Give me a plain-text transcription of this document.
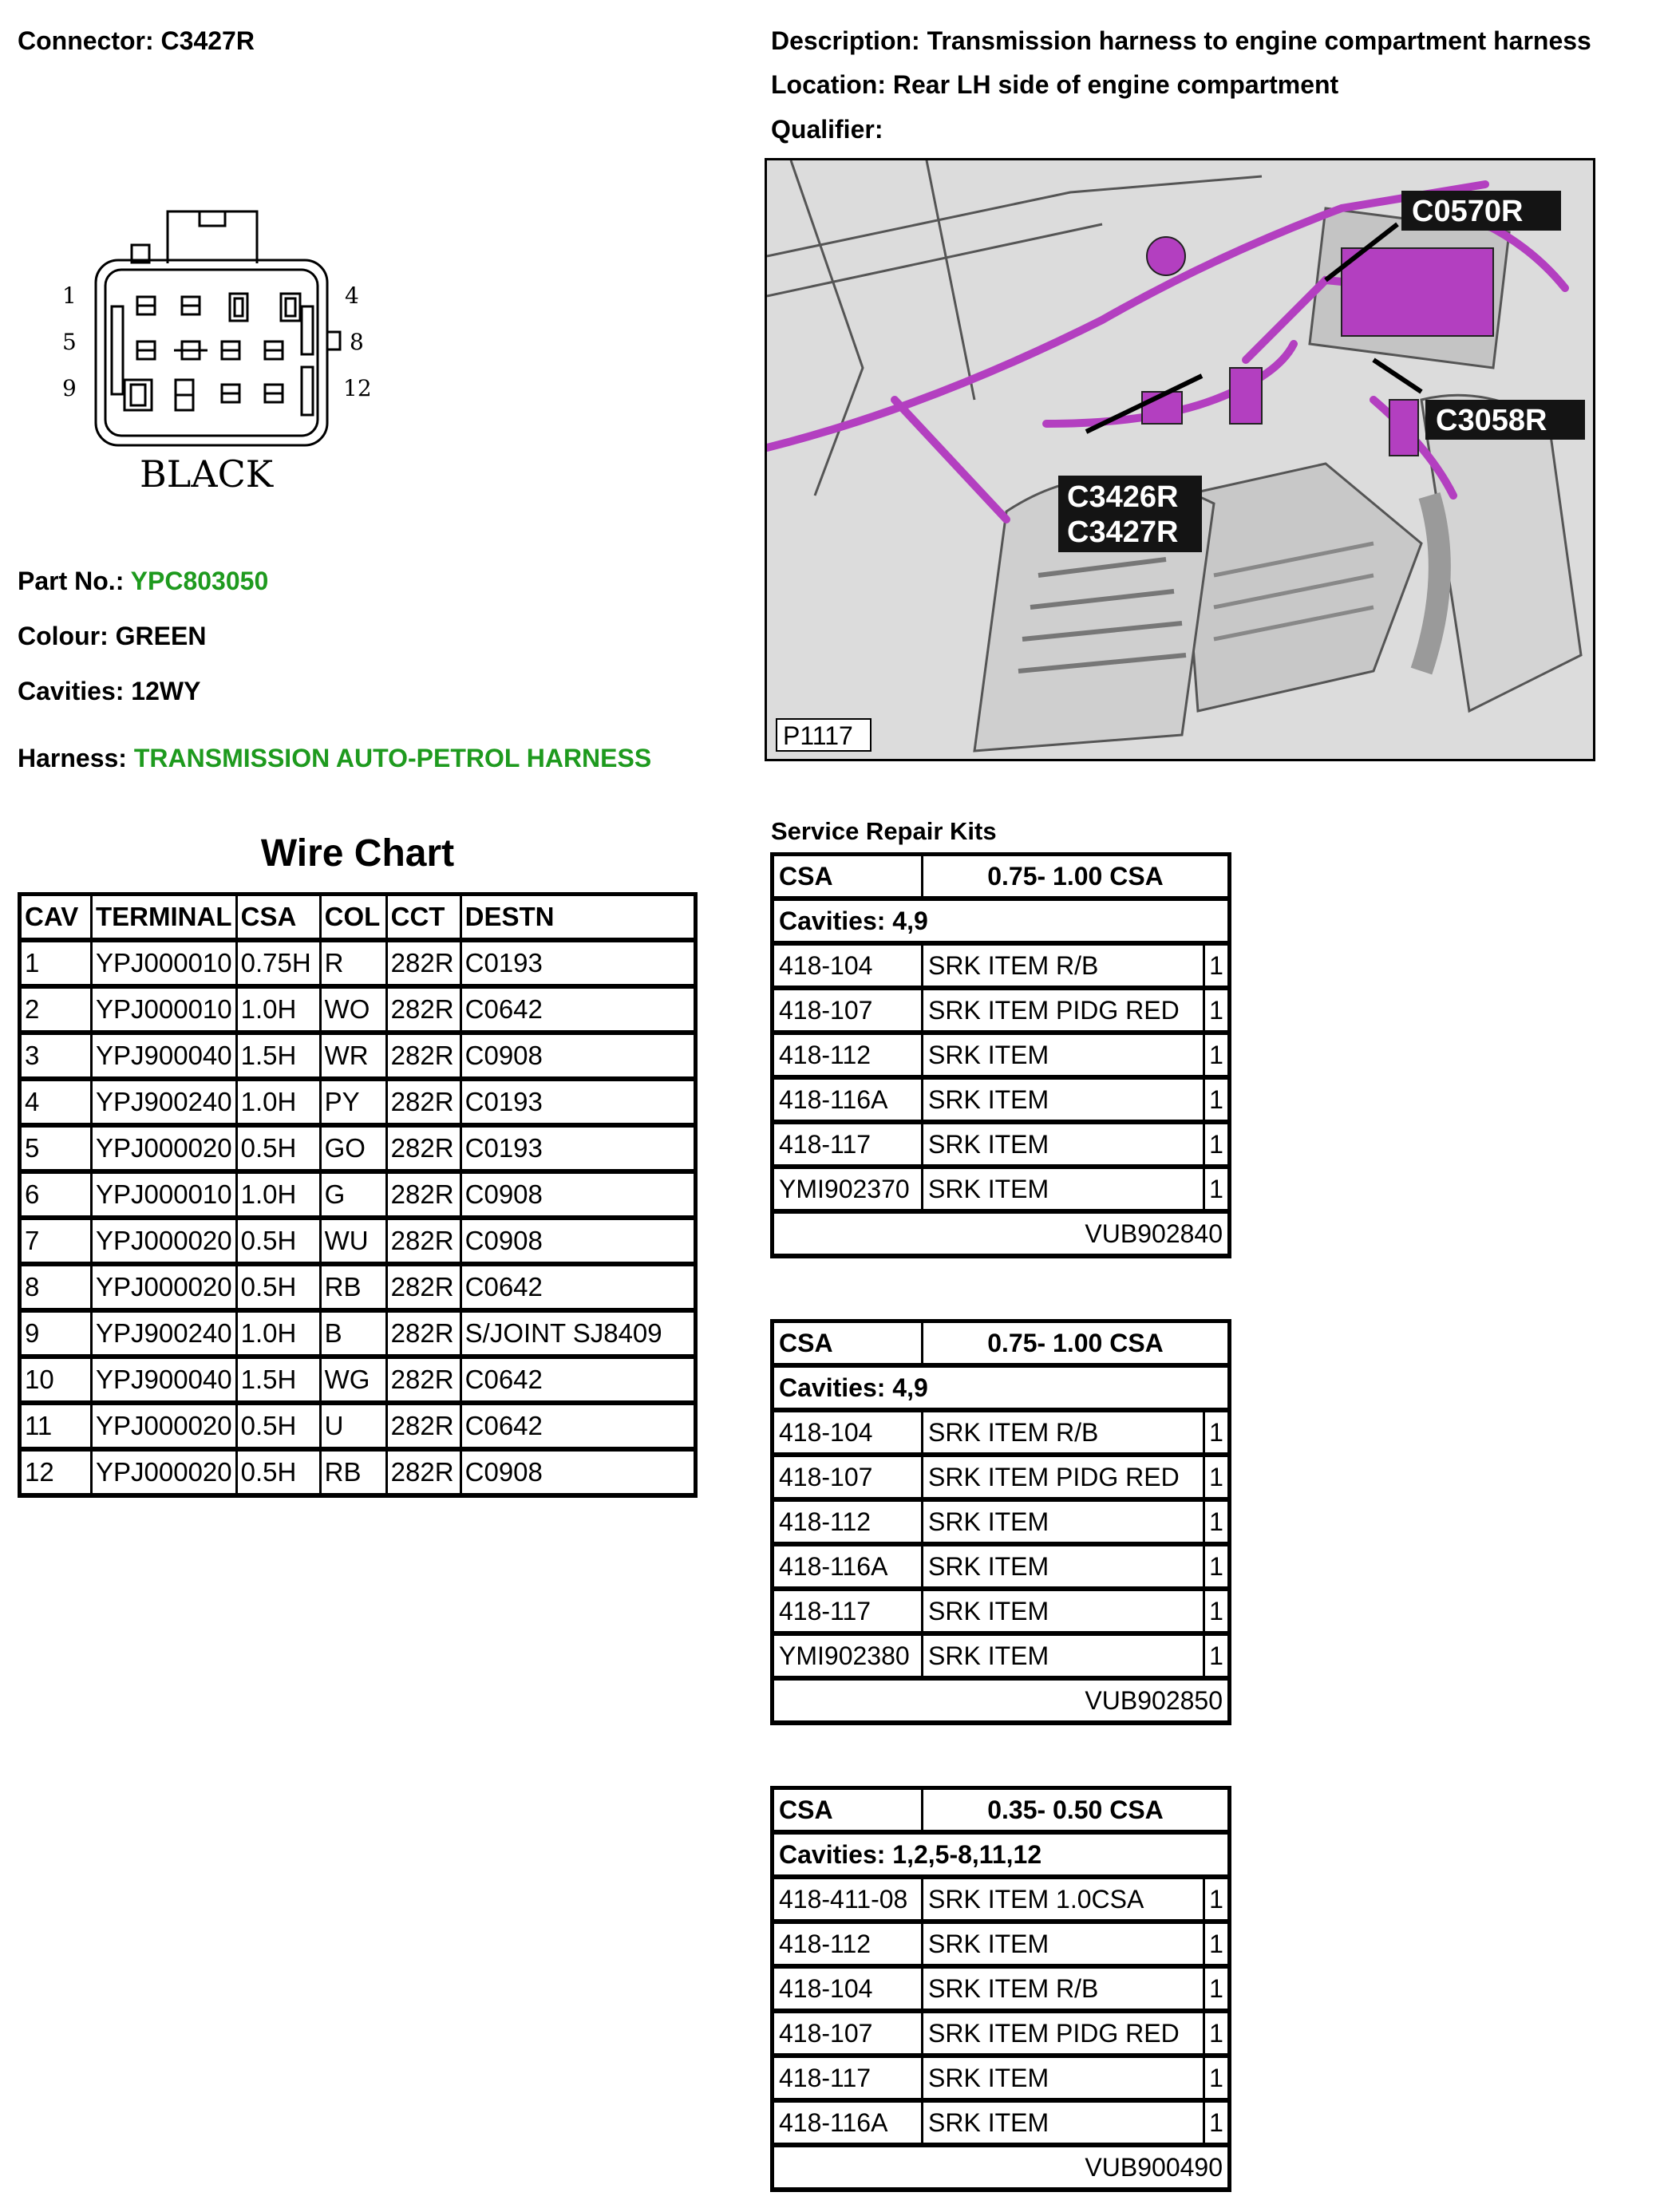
Connector: C3427R	Description: Transmission harness to engine compartment harness
Location: Rear LH side of engine compartment
Qualifier:
1	4
5	8
9	12
BLACK
Part No.: YPC803050
Colour: GREEN
Cavities: 12WY
Harness: TRANSMISSION AUTO-PETROL HARNESS
C0570R
C3058R
C3426R
C3427R
P1117
Wire Chart
CAV	TERMINAL	CSA	COL	CCT	DESTN
1	YPJ000010	0.75H	R	282R	C0193
2	YPJ000010	1.0H	WO	282R	C0642
3	YPJ900040	1.5H	WR	282R	C0908
4	YPJ900240	1.0H	PY	282R	C0193
5	YPJ000020	0.5H	GO	282R	C0193
6	YPJ000010	1.0H	G	282R	C0908
7	YPJ000020	0.5H	WU	282R	C0908
8	YPJ000020	0.5H	RB	282R	C0642
9	YPJ900240	1.0H	B	282R	S/JOINT SJ8409
10	YPJ900040	1.5H	WG	282R	C0642
11	YPJ000020	0.5H	U	282R	C0642
12	YPJ000020	0.5H	RB	282R	C0908
Service Repair Kits
CSA	0.75- 1.00 CSA	
Cavities: 4,9		
418-104	SRK ITEM R/B	1
418-107	SRK ITEM PIDG RED	1
418-112	SRK ITEM	1
418-116A	SRK ITEM	1
418-117	SRK ITEM	1
YMI902370	SRK ITEM	1
VUB902840		
CSA	0.75- 1.00 CSA	
Cavities: 4,9		
418-104	SRK ITEM R/B	1
418-107	SRK ITEM PIDG RED	1
418-112	SRK ITEM	1
418-116A	SRK ITEM	1
418-117	SRK ITEM	1
YMI902380	SRK ITEM	1
VUB902850		
CSA	0.35- 0.50 CSA	
Cavities: 1,2,5-8,11,12		
418-411-08	SRK ITEM 1.0CSA	1
418-112	SRK ITEM	1
418-104	SRK ITEM R/B	1
418-107	SRK ITEM PIDG RED	1
418-117	SRK ITEM	1
418-116A	SRK ITEM	1
VUB900490		
